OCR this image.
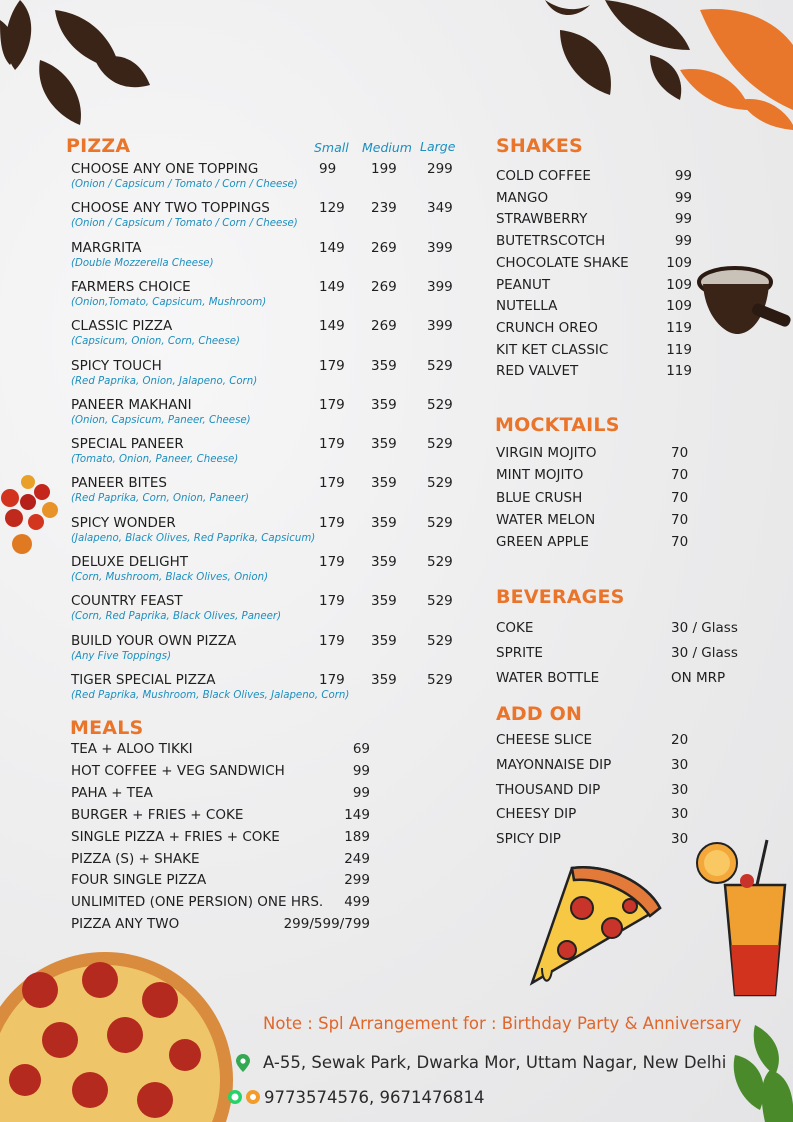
PIZZA	Small Medium Large
MEALS
SHAKES
MOCKTAILS
BEVERAGES
ADD ON
Note : Spl Arrangement for : Birthday Party & Anniversary
A-55, Sewak Park, Dwarka Mor, Uttam Nagar, New Delhi
9773574576, 9671476814
CHOOSE ANY ONE TOPPING
(Onion / Capsicum / Tomato / Corn / Cheese)
99	199 299
CHOOSE ANY TWO TOPPINGS
(Onion / Capsicum / Tomato / Corn / Cheese)
129 239 349
MARGRITA
(Double Mozzerella Cheese)
149 269 399
FARMERS CHOICE
(Onion,Tomato, Capsicum, Mushroom)
149 269 399
CLASSIC PIZZA
(Capsicum, Onion, Corn, Cheese)
149 269 399
SPICY TOUCH
(Red Paprika, Onion, Jalapeno, Corn)
179 359 529
PANEER MAKHANI
(Onion, Capsicum, Paneer, Cheese)
179 359 529
SPECIAL PANEER
(Tomato, Onion, Paneer, Cheese)
179 359 529
PANEER BITES
(Red Paprika, Corn, Onion, Paneer)
179 359 529
SPICY WONDER
(Jalapeno, Black Olives, Red Paprika, Capsicum)
179 359 529
DELUXE DELIGHT
(Corn, Mushroom, Black Olives, Onion)
179 359 529
COUNTRY FEAST
(Corn, Red Paprika, Black Olives, Paneer)
179 359 529
BUILD YOUR OWN PIZZA
(Any Five Toppings)
179 359 529
TIGER SPECIAL PIZZA
(Red Paprika, Mushroom, Black Olives, Jalapeno, Corn)
179 359 529
TEA + ALOO TIKKI	69
HOT COFFEE + VEG SANDWICH	99
PAHA + TEA	99
BURGER + FRIES + COKE	149
SINGLE PIZZA + FRIES + COKE	189
PIZZA (S) + SHAKE	249
FOUR SINGLE PIZZA	299
UNLIMITED (ONE PERSION) ONE HRS. 499
PIZZA ANY TWO	299/599/799
COLD COFFEE	99
MANGO	99
STRAWBERRY	99
BUTETRSCOTCH	99
CHOCOLATE SHAKE	109
PEANUT	109
NUTELLA	109
CRUNCH OREO	119
KIT KET CLASSIC	119
RED VALVET	119
VIRGIN MOJITO	70
MINT MOJITO	70
BLUE CRUSH	70
WATER MELON	70
GREEN APPLE	70
COKE	30 / Glass
SPRITE	30 / Glass
WATER BOTTLE	ON MRP
CHEESE SLICE	20
MAYONNAISE DIP	30
THOUSAND DIP	30
CHEESY DIP	30
SPICY DIP	30
